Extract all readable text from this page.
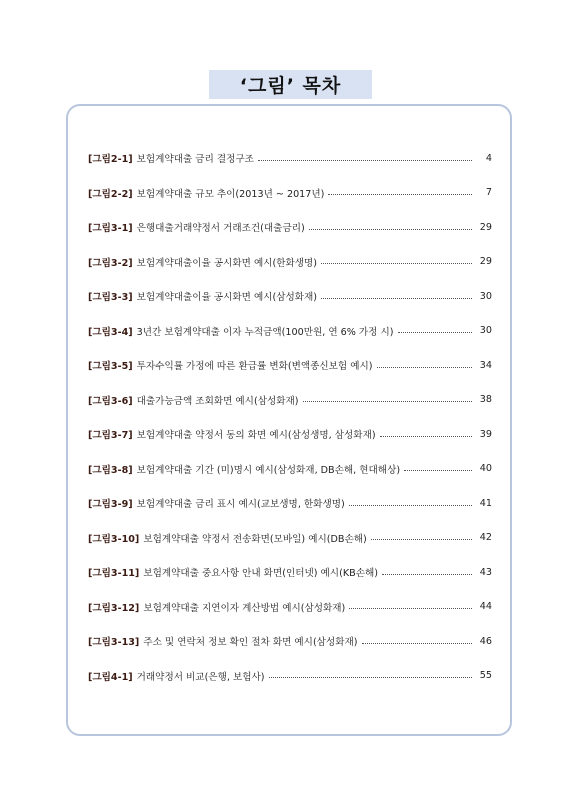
‘그림’ 목차
[그림2-1] 보험계약대출 금리 결정구조	4
[그림2-2] 보험계약대출 규모 추이(2013년 ~ 2017년)	7
[그림3-1] 은행대출거래약정서 거래조건(대출금리)	29
[그림3-2] 보험계약대출이율 공시화면 예시(한화생명)	29
[그림3-3] 보험계약대출이율 공시화면 예시(삼성화재)	30
[그림3-4] 3년간 보험계약대출 이자 누적금액(100만원, 연 6% 가정 시)	30
[그림3-5] 투자수익률 가정에 따른 환급률 변화(변액종신보험 예시)	34
[그림3-6] 대출가능금액 조회화면 예시(삼성화재)	38
[그림3-7] 보험계약대출 약정서 동의 화면 예시(삼성생명, 삼성화재)	39
[그림3-8] 보험계약대출 기간 (미)명시 예시(삼성화재, DB손해, 현대해상)	40
[그림3-9] 보험계약대출 금리 표시 예시(교보생명, 한화생명)	41
[그림3-10] 보험계약대출 약정서 전송화면(모바일) 예시(DB손해)	42
[그림3-11] 보험계약대출 중요사항 안내 화면(인터넷) 예시(KB손해)	43
[그림3-12] 보험계약대출 지연이자 계산방법 예시(삼성화재)	44
[그림3-13] 주소 및 연락처 정보 확인 절차 화면 예시(삼성화재)	46
[그림4-1] 거래약정서 비교(은행, 보험사)	55
